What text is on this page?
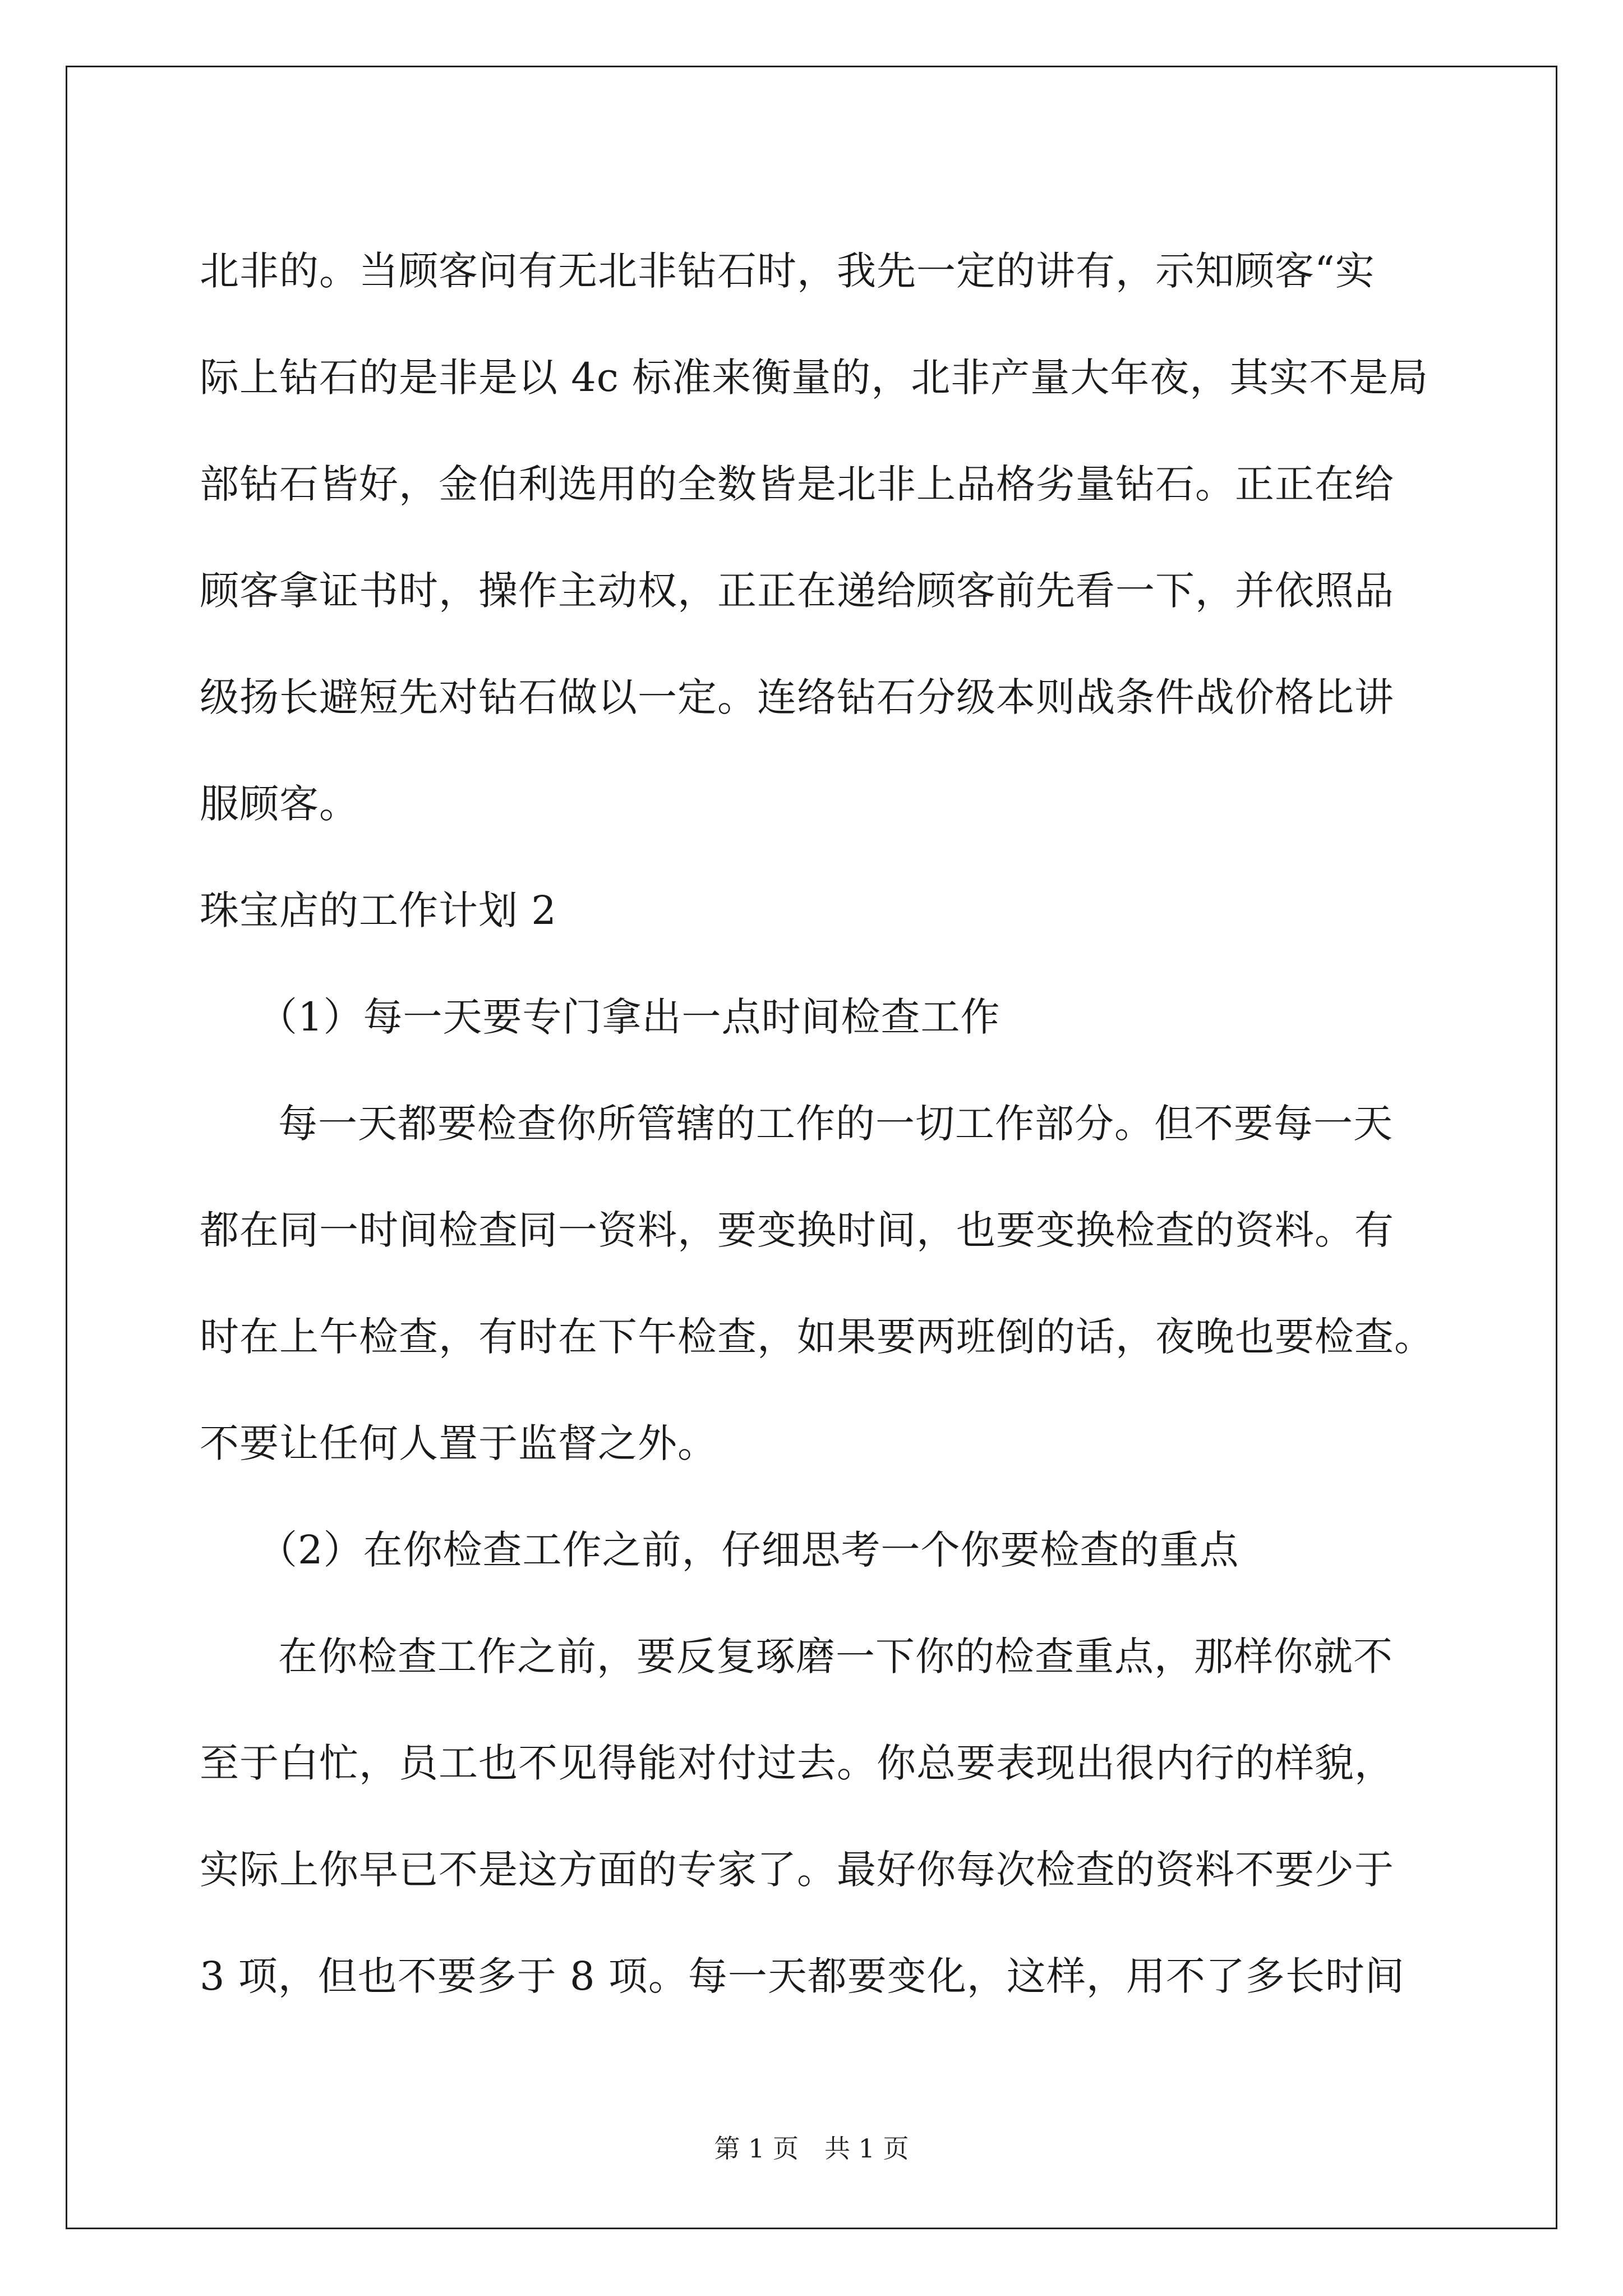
北非的。当顾客问有无北非钻石时，我先一定的讲有，示知顾客“实
际上钻石的是非是以 4c 标准来衡量的，北非产量大年夜，其实不是局
部钻石皆好，金伯利选用的全数皆是北非上品格劣量钻石。正正在给
顾客拿证书时，操作主动权，正正在递给顾客前先看一下，并依照品
级扬长避短先对钻石做以一定。连络钻石分级本则战条件战价格比讲
服顾客。
珠宝店的工作计划 2
（1）每一天要专门拿出一点时间检查工作
每一天都要检查你所管辖的工作的一切工作部分。但不要每一天
都在同一时间检查同一资料，要变换时间，也要变换检查的资料。有
时在上午检查，有时在下午检查，如果要两班倒的话，夜晚也要检查。
不要让任何人置于监督之外。
（2）在你检查工作之前，仔细思考一个你要检查的重点
在你检查工作之前，要反复琢磨一下你的检查重点，那样你就不
至于白忙，员工也不见得能对付过去。你总要表现出很内行的样貌，
实际上你早已不是这方面的专家了。最好你每次检查的资料不要少于
3 项，但也不要多于 8 项。每一天都要变化，这样，用不了多长时间
第 1 页 共 1 页
